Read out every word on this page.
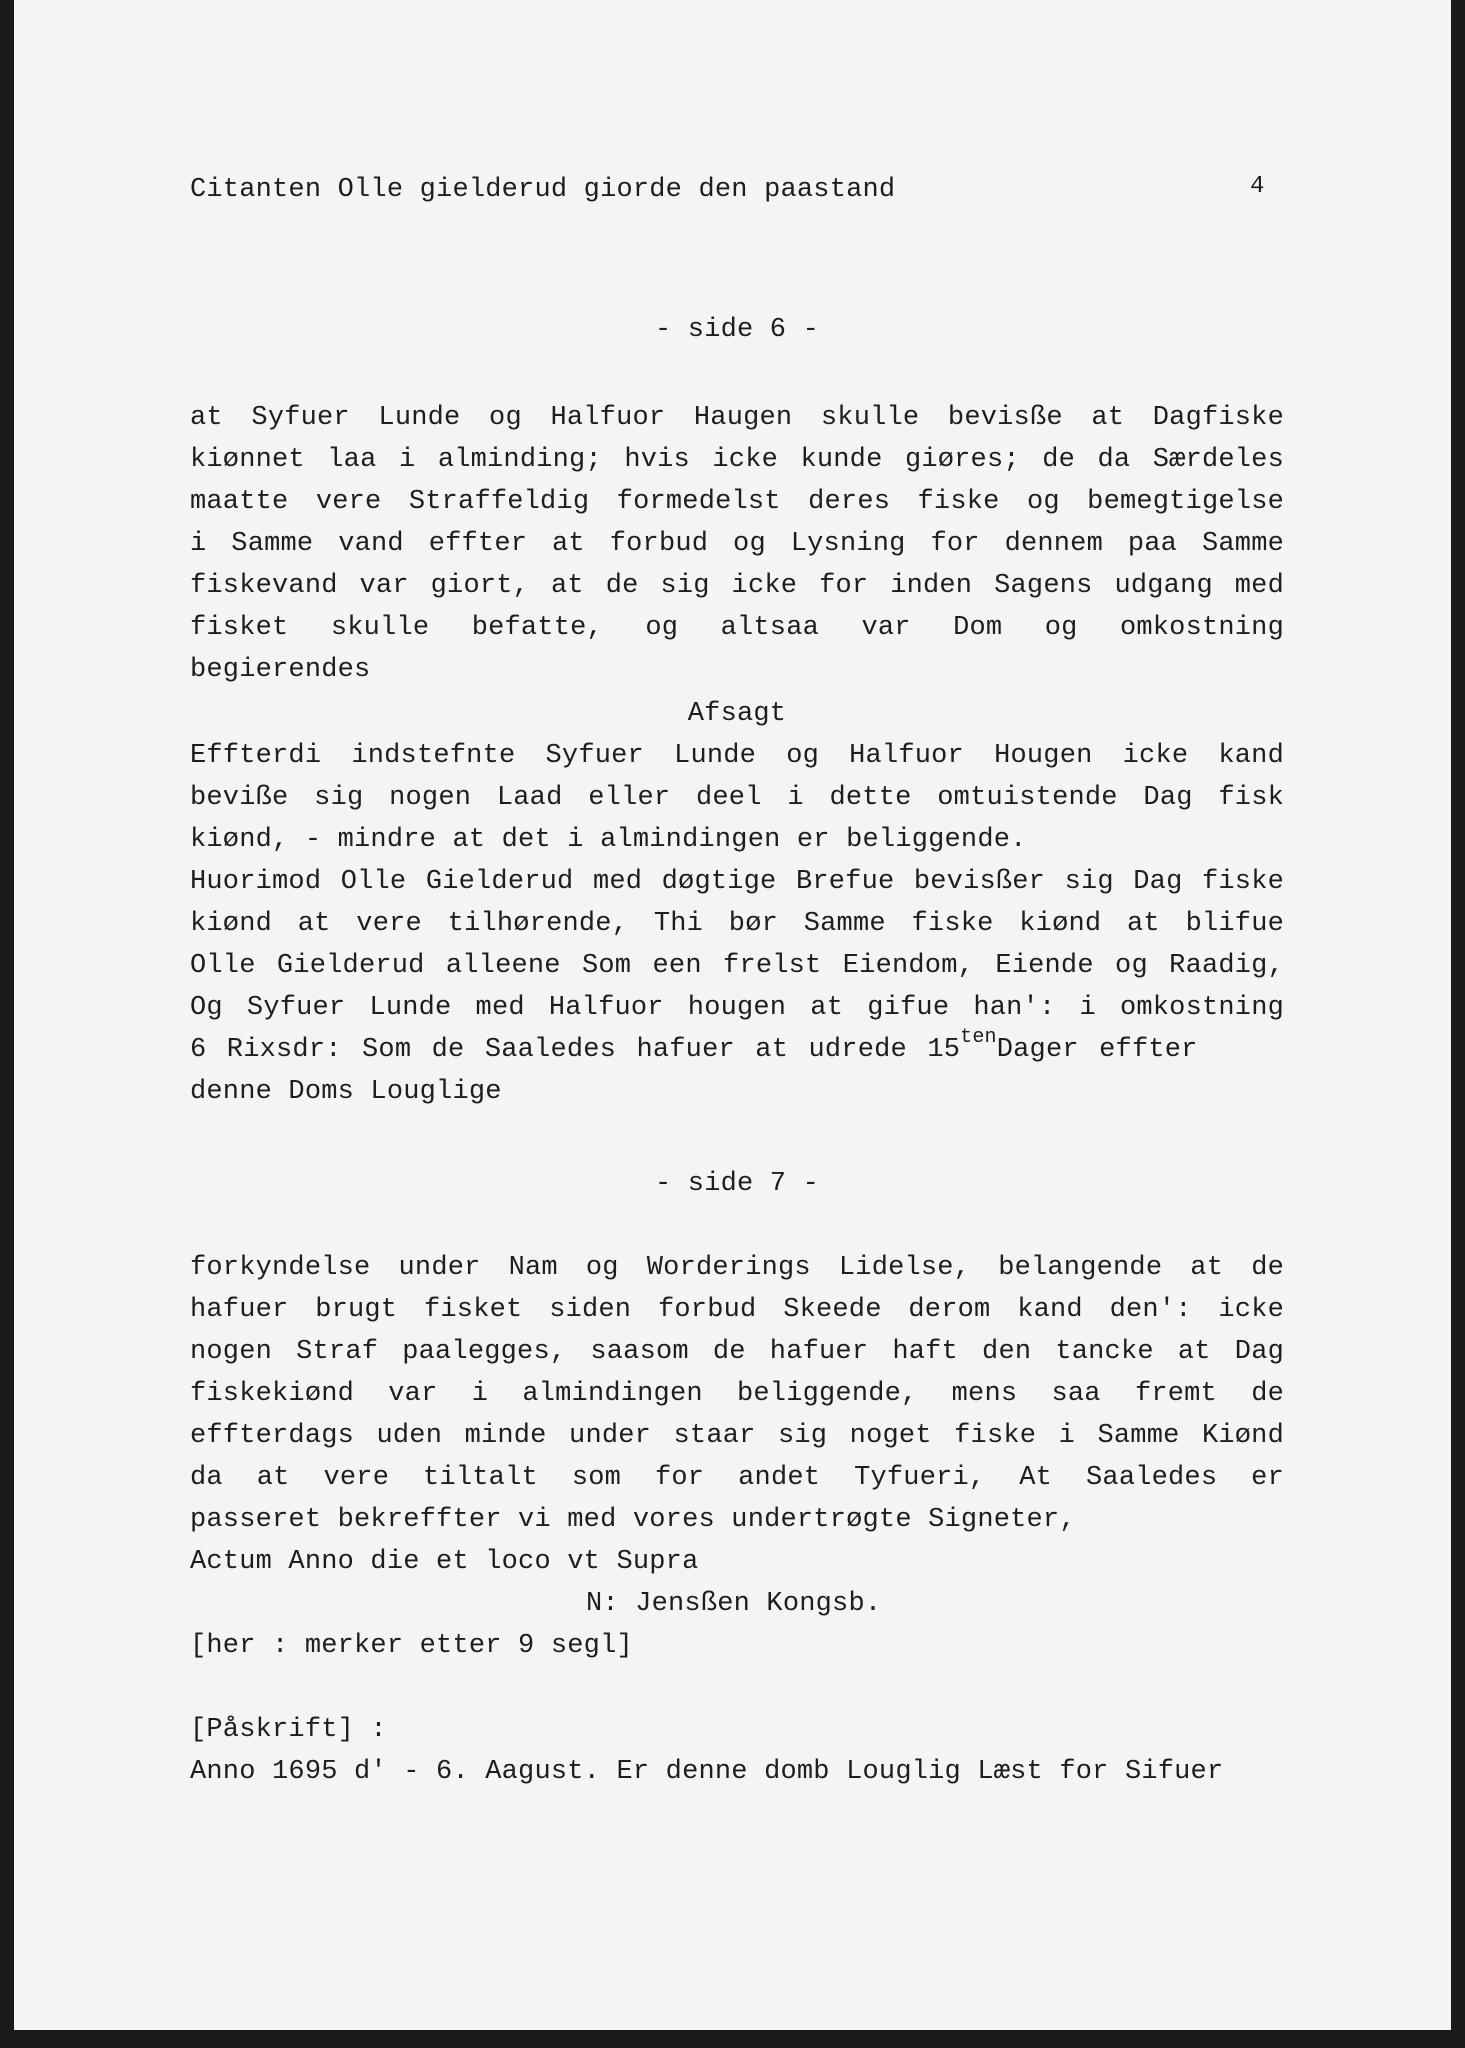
4
Citanten Olle gielderud giorde den paastand
- side 6 -
at Syfuer Lunde og Halfuor Haugen skulle bevisße at Dagfiske
kiønnet laa i alminding; hvis icke kunde giøres; de da Særdeles
maatte vere Straffeldig formedelst deres fiske og bemegtigelse
i Samme vand effter at forbud og Lysning for dennem paa Samme
fiskevand var giort, at de sig icke for inden Sagens udgang med
fisket skulle befatte, og altsaa var Dom og omkostning
begierendes
Afsagt
Effterdi indstefnte Syfuer Lunde og Halfuor Hougen icke kand
beviße sig nogen Laad eller deel i dette omtuistende Dag fisk
kiønd, - mindre at det i almindingen er beliggende.
Huorimod Olle Gielderud med døgtige Brefue bevisßer sig Dag fiske
kiønd at vere tilhørende, Thi bør Samme fiske kiønd at blifue
Olle Gielderud alleene Som een frelst Eiendom, Eiende og Raadig,
Og Syfuer Lunde med Halfuor hougen at gifue han': i omkostning
6 Rixsdr: Som de Saaledes hafuer at udrede $15^{ten}Dager$ effter
denne Doms Louglige
- side 7 -
forkyndelse under Nam og Worderings Lidelse, belangende at de
hafuer brugt fisket siden forbud Skeede derom kand den': icke
nogen Straf paalegges, saasom de hafuer haft den tancke at Dag
fiskekiønd var i almindingen beliggende, mens saa fremt de
effterdags uden minde under staar sig noget fiske i Samme Kiønd
da at vere tiltalt som for andet Tyfueri, At Saaledes er
passeret bekreffter vi med vores undertrøgte Signeter,
Actum Anno die et loco vt Supra
N: Jensßen Kongsb.
[her : merker etter 9 segl]
[Påskrift] :
Anno 1695 d' - 6. Aagust. Er denne domb Louglig Læst for Sifuer
